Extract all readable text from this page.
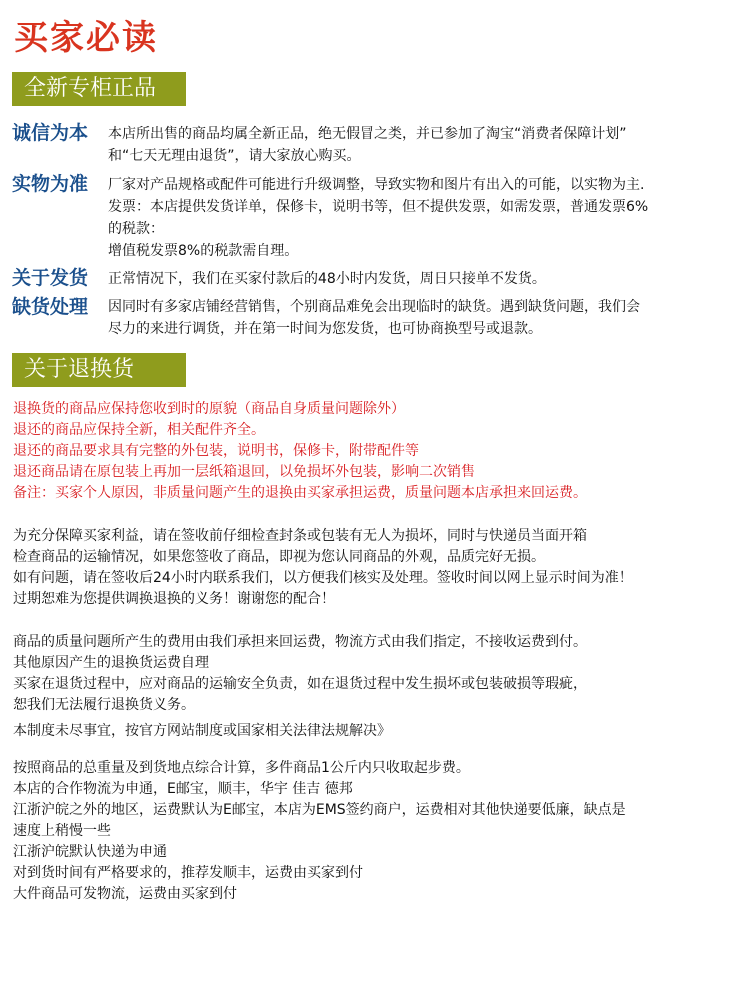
买家必读
全新专柜正品
诚信为本 本店所出售的商品均属全新正品，绝无假冒之类，并已参加了淘宝“消费者保障计划”
和“七天无理由退货”，请大家放心购买。
实物为准 厂家对产品规格或配件可能进行升级调整，导致实物和图片有出入的可能，以实物为主.
发票：本店提供发货详单，保修卡，说明书等，但不提供发票，如需发票，普通发票6%
的税款：
增值税发票8%的税款需自理。
关于发货 正常情况下，我们在买家付款后的48小时内发货，周日只接单不发货。
缺货处理 因同时有多家店铺经营销售，个别商品难免会出现临时的缺货。遇到缺货问题，我们会
尽力的来进行调货，并在第一时间为您发货，也可协商换型号或退款。
关于退换货
退换货的商品应保持您收到时的原貌（商品自身质量问题除外）
退还的商品应保持全新，相关配件齐全。
退还的商品要求具有完整的外包装，说明书，保修卡，附带配件等
退还商品请在原包装上再加一层纸箱退回，以免损坏外包装，影响二次销售
备注：买家个人原因，非质量问题产生的退换由买家承担运费，质量问题本店承担来回运费。
为充分保障买家利益，请在签收前仔细检查封条或包装有无人为损坏，同时与快递员当面开箱
检查商品的运输情况，如果您签收了商品，即视为您认同商品的外观，品质完好无损。
如有问题，请在签收后24小时内联系我们，以方便我们核实及处理。签收时间以网上显示时间为准！
过期恕难为您提供调换退换的义务！谢谢您的配合！
商品的质量问题所产生的费用由我们承担来回运费，物流方式由我们指定，不接收运费到付。
其他原因产生的退换货运费自理
买家在退货过程中，应对商品的运输安全负责，如在退货过程中发生损坏或包装破损等瑕疵，
恕我们无法履行退换货义务。
本制度未尽事宜，按官方网站制度或国家相关法律法规解决》
按照商品的总重量及到货地点综合计算，多件商品1公斤内只收取起步费。
本店的合作物流为申通，E邮宝，顺丰，华宇 佳吉 德邦
江浙沪皖之外的地区，运费默认为E邮宝，本店为EMS签约商户，运费相对其他快递要低廉，缺点是
速度上稍慢一些
江浙沪皖默认快递为申通
对到货时间有严格要求的，推荐发顺丰，运费由买家到付
大件商品可发物流，运费由买家到付
